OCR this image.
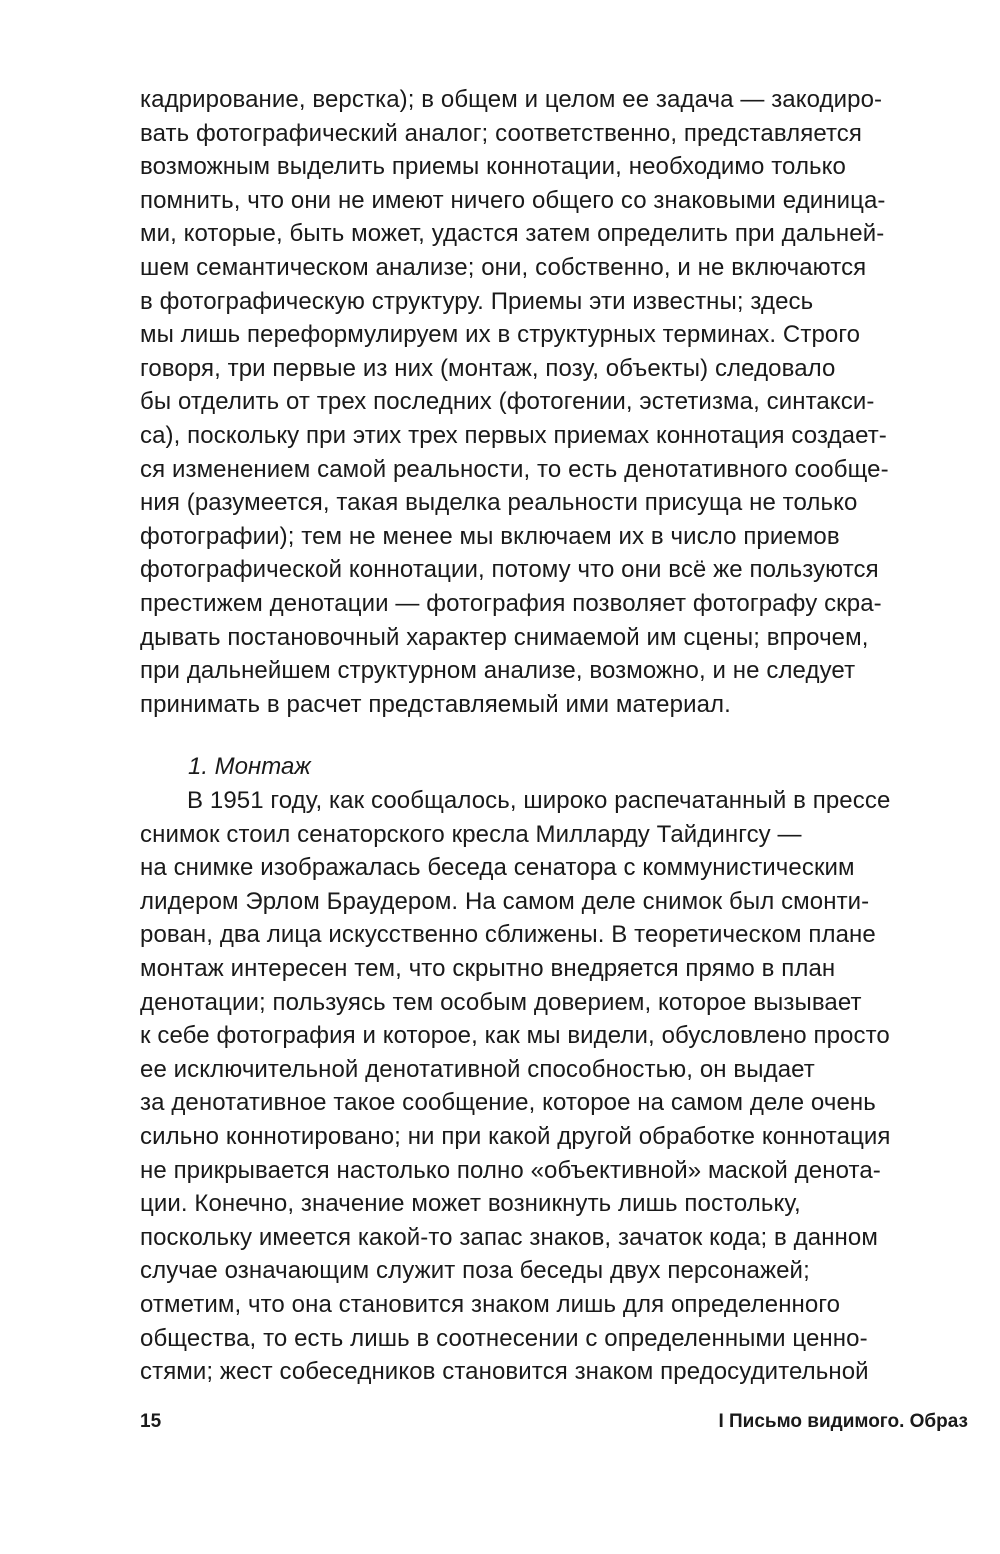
кадрирование, верстка); в общем и целом ее задача — закодиро-
вать фотографический аналог; соответственно, представляется
возможным выделить приемы коннотации, необходимо только
помнить, что они не имеют ничего общего со знаковыми единица-
ми, которые, быть может, удастся затем определить при дальней-
шем семантическом анализе; они, собственно, и не включаются
в фотографическую структуру. Приемы эти известны; здесь
мы лишь переформулируем их в структурных терминах. Строго
говоря, три первые из них (монтаж, позу, объекты) следовало
бы отделить от трех последних (фотогении, эстетизма, синтакси-
са), поскольку при этих трех первых приемах коннотация создает-
ся изменением самой реальности, то есть денотативного сообще-
ния (разумеется, такая выделка реальности присуща не только
фотографии); тем не менее мы включаем их в число приемов
фотографической коннотации, потому что они всё же пользуются
престижем денотации — фотография позволяет фотографу скра-
дывать постановочный характер снимаемой им сцены; впрочем,
при дальнейшем структурном анализе, возможно, и не следует
принимать в расчет представляемый ими материал.
1. Монтаж
В 1951 году, как сообщалось, широко распечатанный в прессе
снимок стоил сенаторского кресла Милларду Тайдингсу —
на снимке изображалась беседа сенатора с коммунистическим
лидером Эрлом Браудером. На самом деле снимок был смонти-
рован, два лица искусственно сближены. В теоретическом плане
монтаж интересен тем, что скрытно внедряется прямо в план
денотации; пользуясь тем особым доверием, которое вызывает
к себе фотография и которое, как мы видели, обусловлено просто
ее исключительной денотативной способностью, он выдает
за денотативное такое сообщение, которое на самом деле очень
сильно коннотировано; ни при какой другой обработке коннотация
не прикрывается настолько полно «объективной» маской денота-
ции. Конечно, значение может возникнуть лишь постольку,
поскольку имеется какой-то запас знаков, зачаток кода; в данном
случае означающим служит поза беседы двух персонажей;
отметим, что она становится знаком лишь для определенного
общества, то есть лишь в соотнесении с определенными ценно-
стями; жест собеседников становится знаком предосудительной
15	I Письмо видимого. Образ
